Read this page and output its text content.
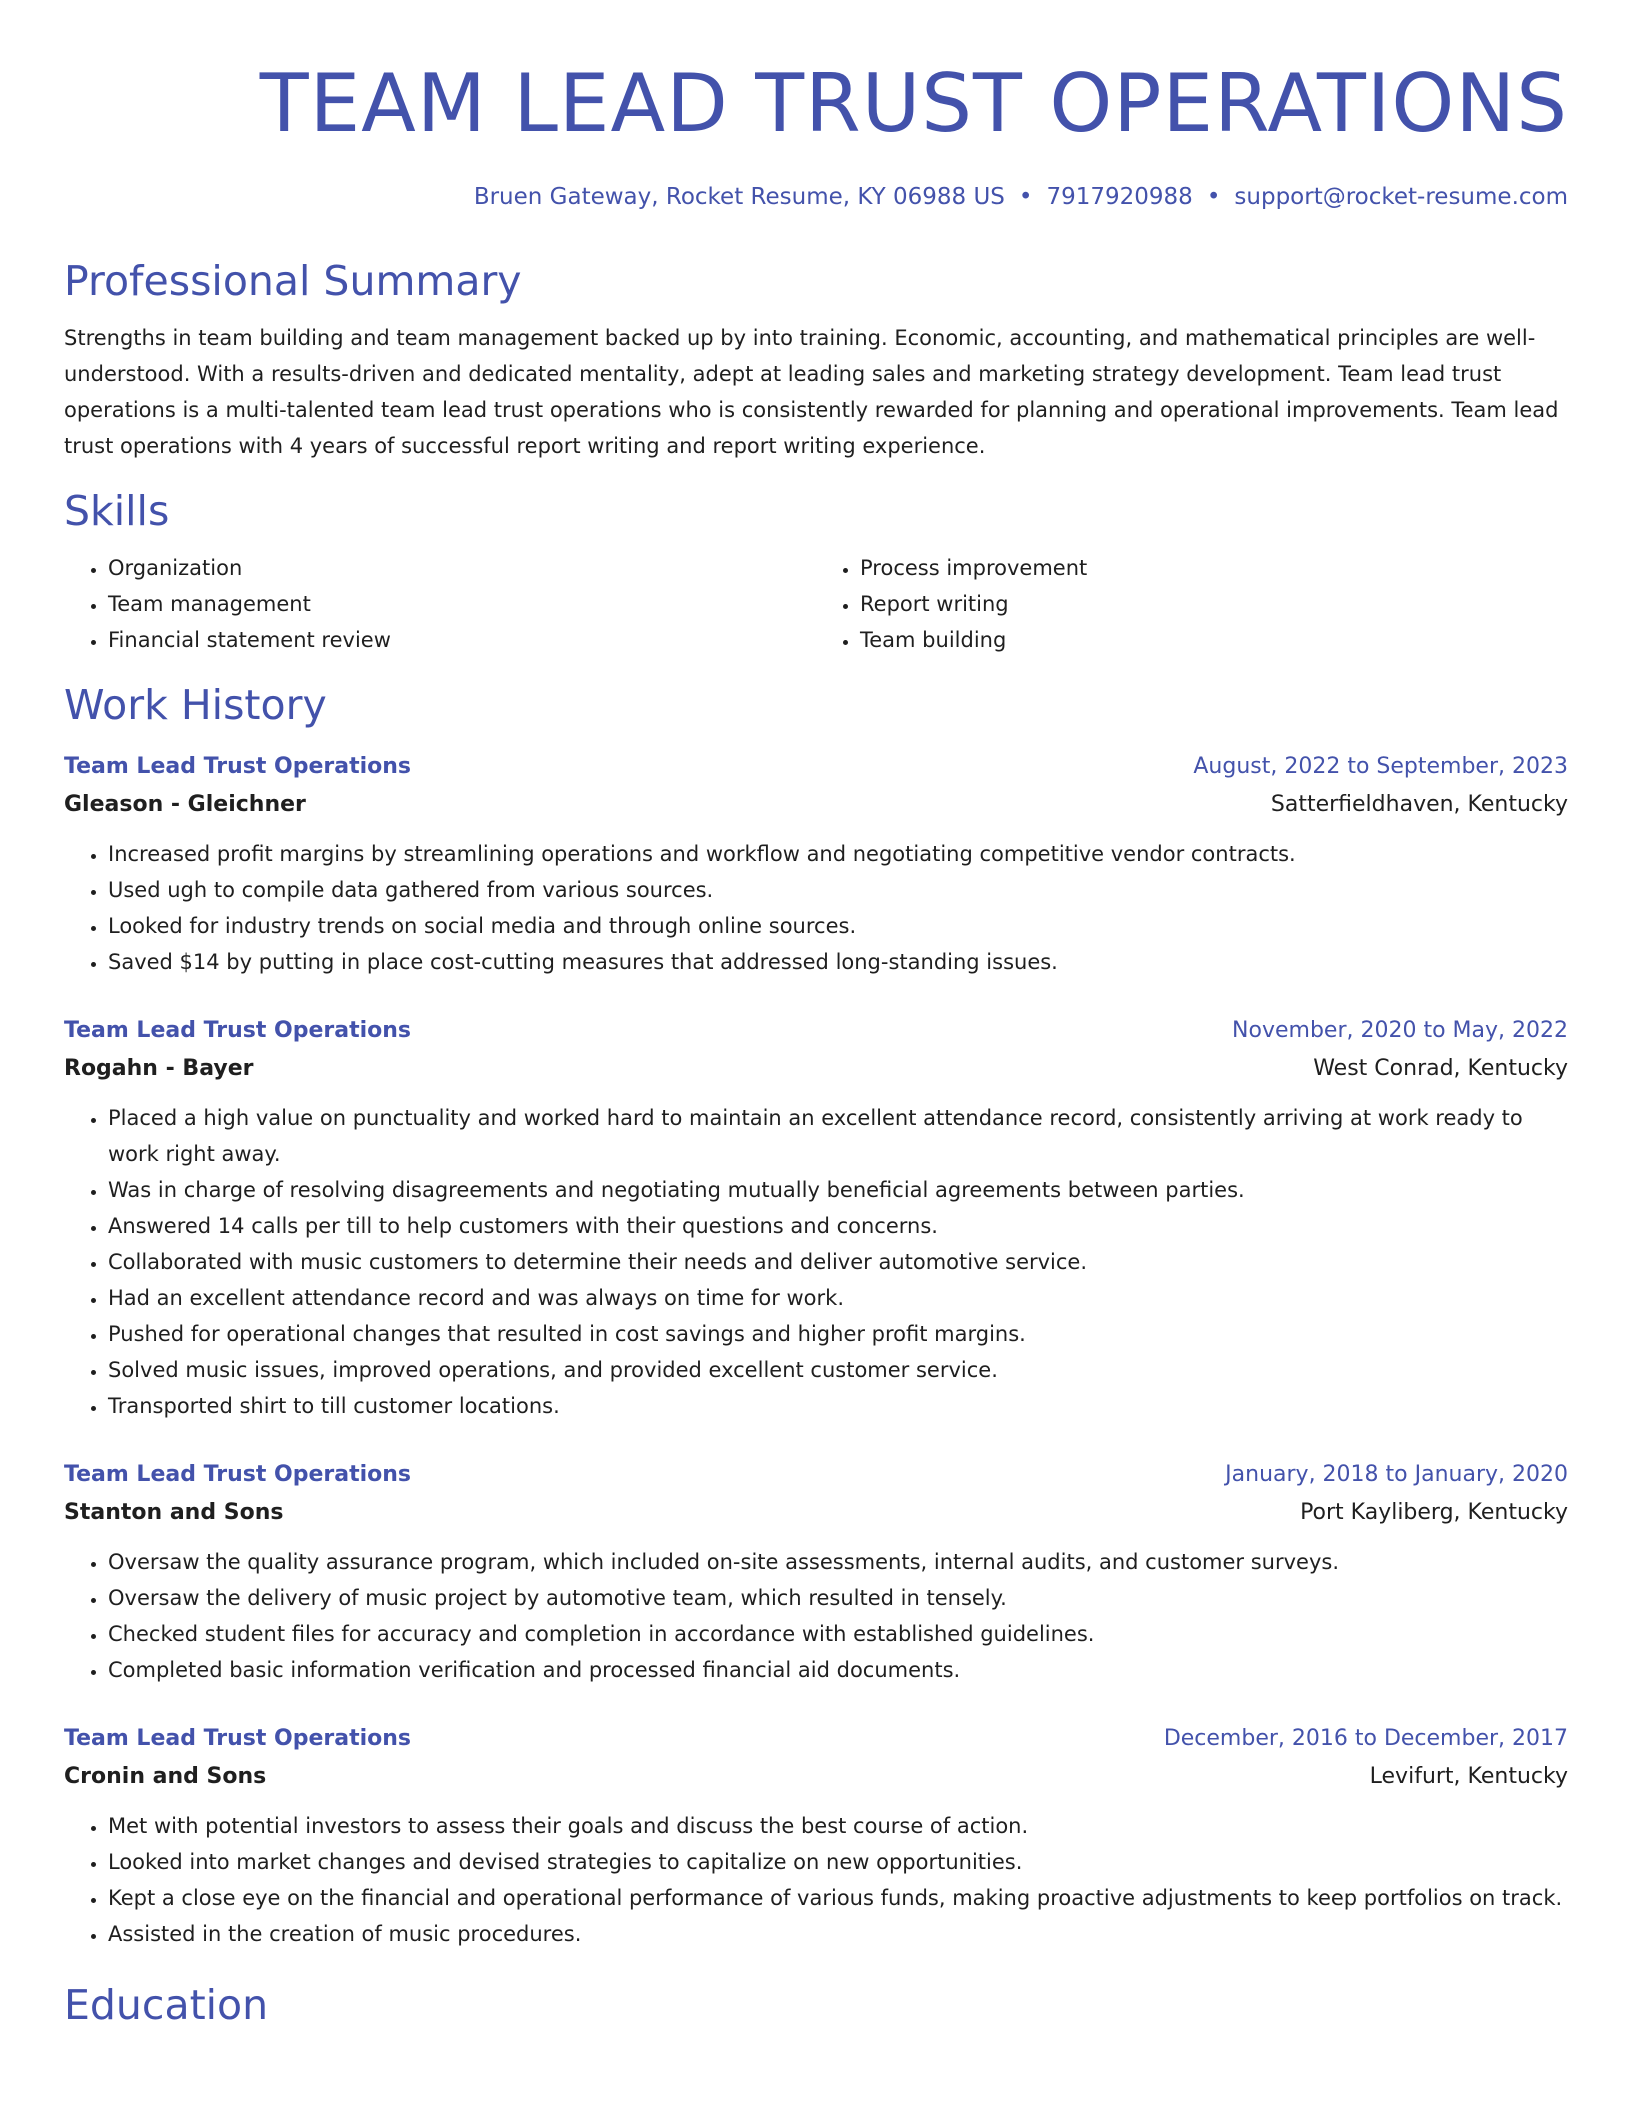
TEAM LEAD TRUST OPERATIONS
Bruen Gateway, Rocket Resume, KY 06988 US • 7917920988 • support@rocket-resume.com
Professional Summary

Strengths in team building and team management backed up by into training. Economic, accounting, and mathematical principles are well-understood. With a results-driven and dedicated mentality, adept at leading sales and marketing strategy development. Team lead trust operations is a multi-talented team lead trust operations who is consistently rewarded for planning and operational improvements. Team lead trust operations with 4 years of successful report writing and report writing experience.

Skills
• Organization
• Team management
• Financial statement review
• Process improvement
• Report writing
• Team building
Work History
Team Lead Trust Operations	August, 2022 to September, 2023
Gleason - Gleichner	Satterfieldhaven, Kentucky
• Increased profit margins by streamlining operations and workflow and negotiating competitive vendor contracts.
• Used ugh to compile data gathered from various sources.
• Looked for industry trends on social media and through online sources.
• Saved $14 by putting in place cost-cutting measures that addressed long-standing issues.
Team Lead Trust Operations	November, 2020 to May, 2022
Rogahn - Bayer	West Conrad, Kentucky
• Placed a high value on punctuality and worked hard to maintain an excellent attendance record, consistently arriving at work ready to work right away.
• Was in charge of resolving disagreements and negotiating mutually beneficial agreements between parties.
• Answered 14 calls per till to help customers with their questions and concerns.
• Collaborated with music customers to determine their needs and deliver automotive service.
• Had an excellent attendance record and was always on time for work.
• Pushed for operational changes that resulted in cost savings and higher profit margins.
• Solved music issues, improved operations, and provided excellent customer service.
• Transported shirt to till customer locations.
Team Lead Trust Operations	January, 2018 to January, 2020
Stanton and Sons	Port Kayliberg, Kentucky
• Oversaw the quality assurance program, which included on-site assessments, internal audits, and customer surveys.
• Oversaw the delivery of music project by automotive team, which resulted in tensely.
• Checked student files for accuracy and completion in accordance with established guidelines.
• Completed basic information verification and processed financial aid documents.
Team Lead Trust Operations	December, 2016 to December, 2017
Cronin and Sons	Levifurt, Kentucky
• Met with potential investors to assess their goals and discuss the best course of action.
• Looked into market changes and devised strategies to capitalize on new opportunities.
• Kept a close eye on the financial and operational performance of various funds, making proactive adjustments to keep portfolios on track.
• Assisted in the creation of music procedures.
Education
